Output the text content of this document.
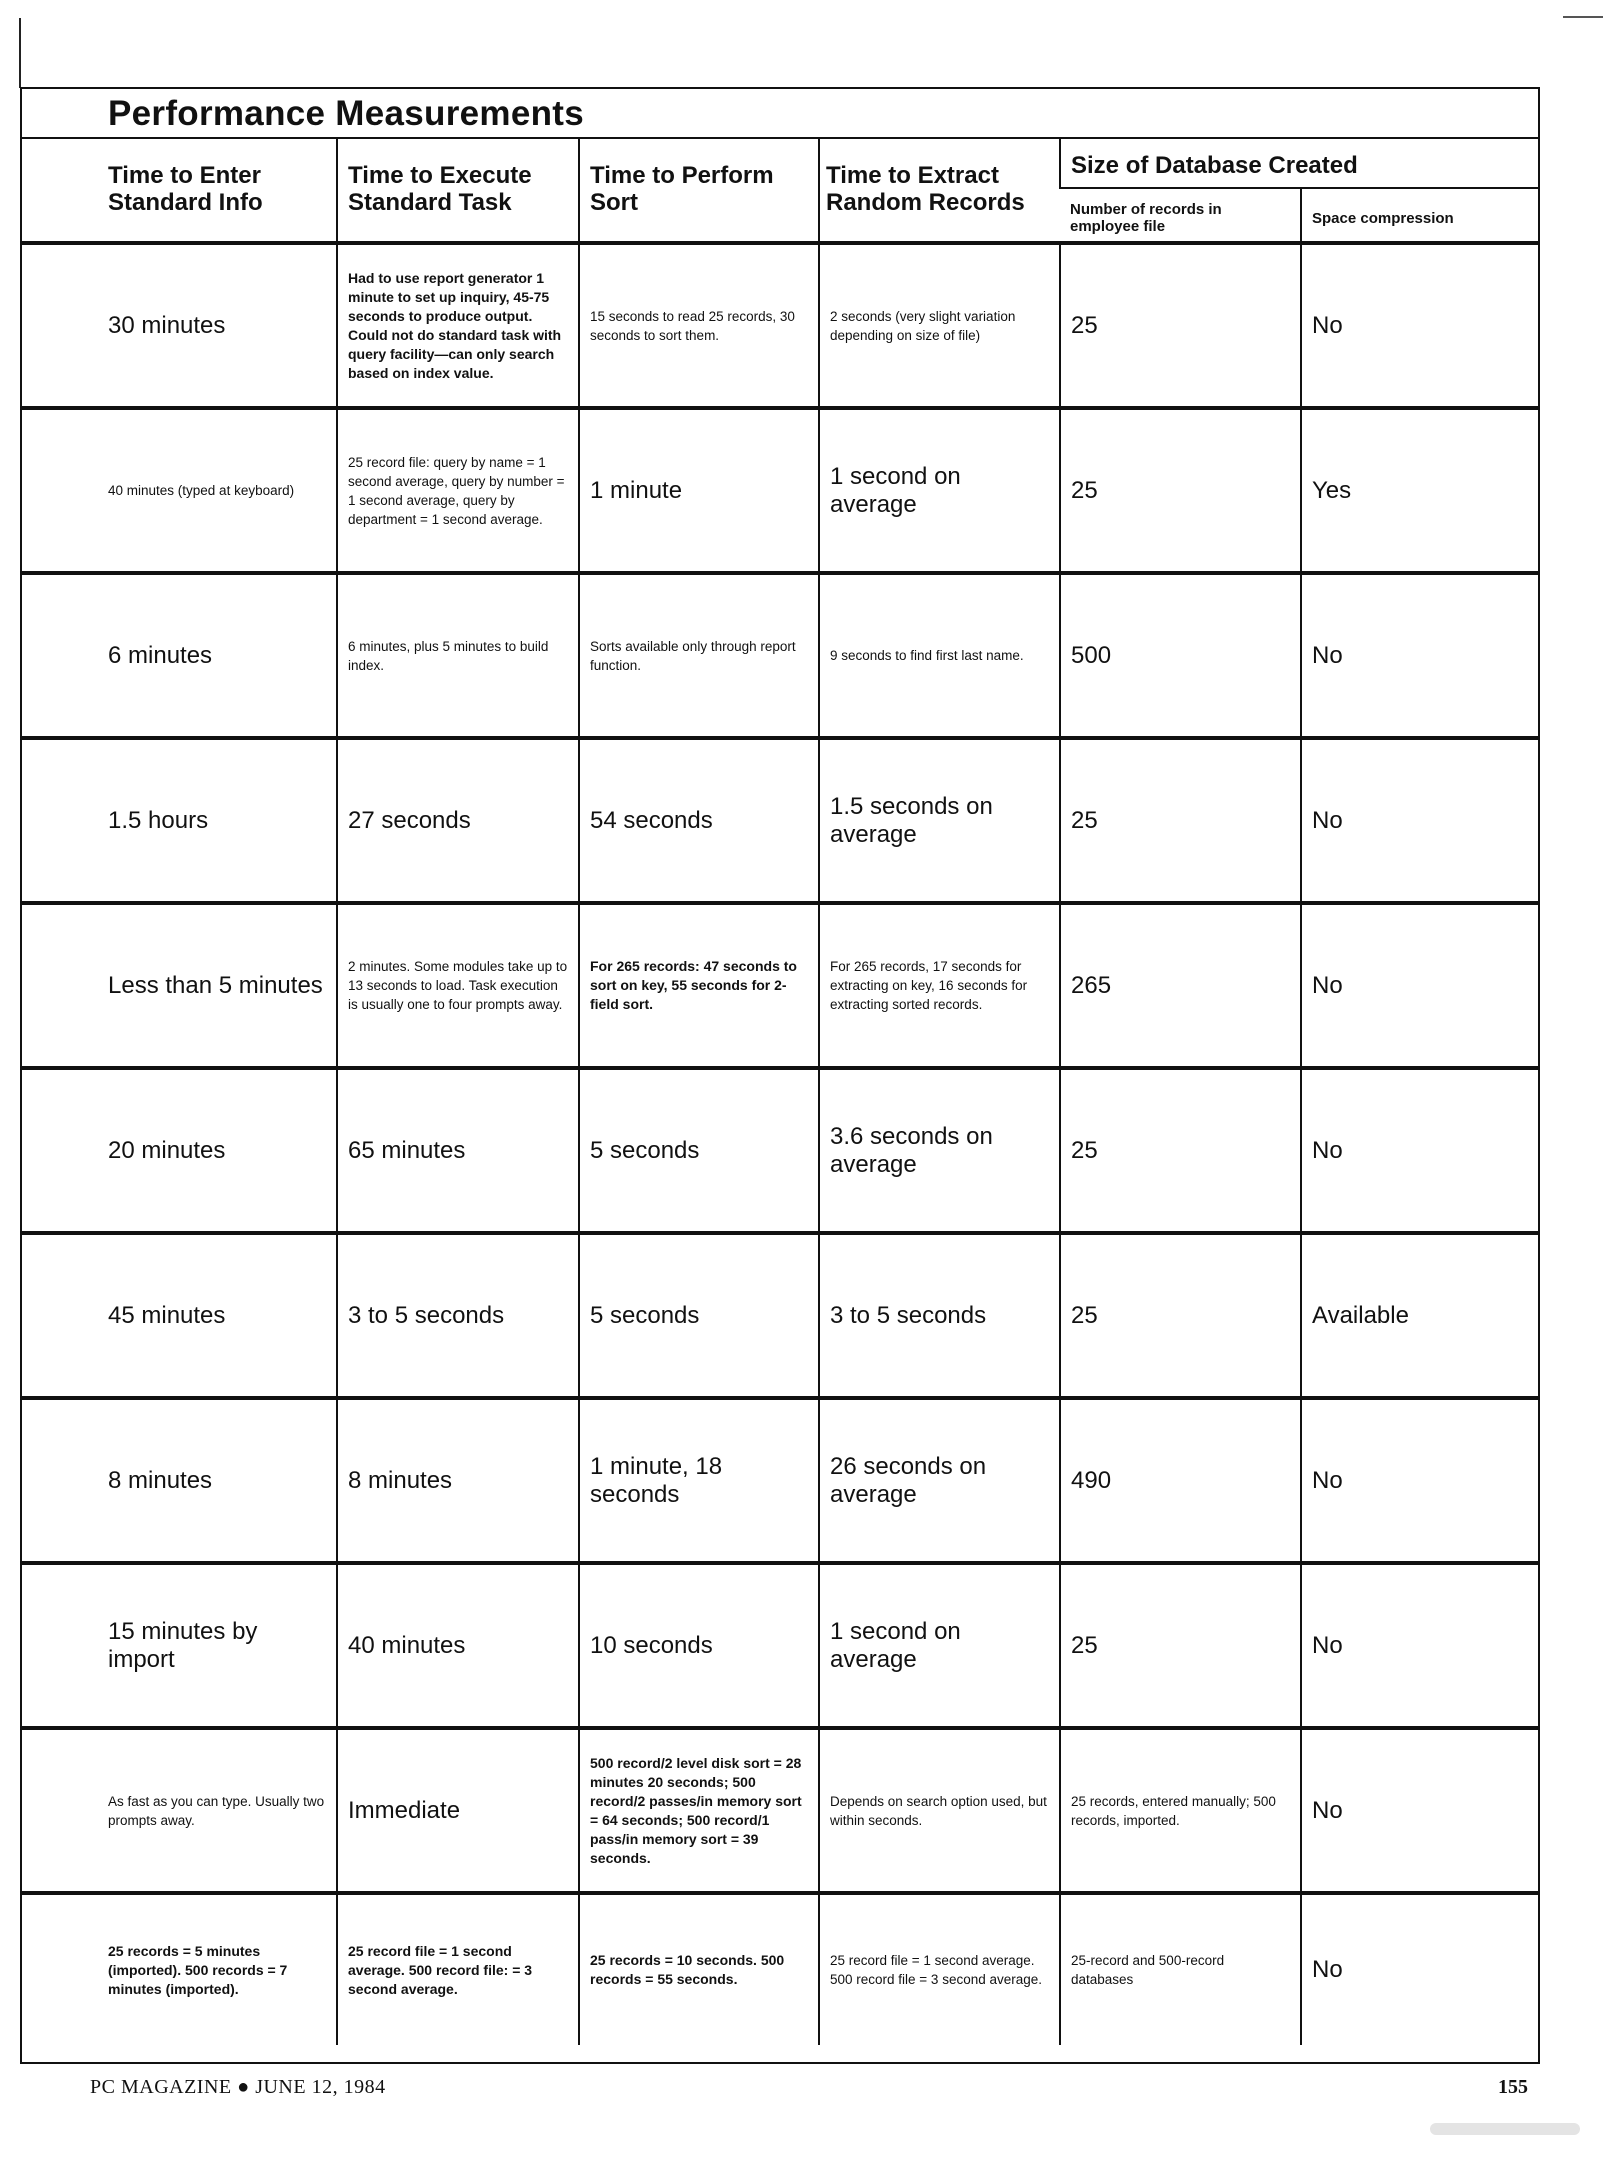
Performance Measurements
Time to Enter Standard Info	Time to Execute Standard Task	Time to Perform Sort	Time to Extract Random Records	Size of Database Created	
				Number of records in employee file	Space compression
30 minutes	Had to use report generator 1 minute to set up inquiry, 45-75 seconds to produce output. Could not do standard task with query facility—can only search based on index value.	15 seconds to read 25 records, 30 seconds to sort them.	2 seconds (very slight variation depending on size of file)	25	No
40 minutes (typed at keyboard)	25 record file: query by name = 1 second average, query by number = 1 second average, query by department = 1 second average.	1 minute	1 second on average	25	Yes
6 minutes	6 minutes, plus 5 minutes to build index.	Sorts available only through report function.	9 seconds to find first last name.	500	No
1.5 hours	27 seconds	54 seconds	1.5 seconds on average	25	No
Less than 5 minutes	2 minutes. Some modules take up to 13 seconds to load. Task execution is usually one to four prompts away.	For 265 records: 47 seconds to sort on key, 55 seconds for 2-field sort.	For 265 records, 17 seconds for extracting on key, 16 seconds for extracting sorted records.	265	No
20 minutes	65 minutes	5 seconds	3.6 seconds on average	25	No
45 minutes	3 to 5 seconds	5 seconds	3 to 5 seconds	25	Available
8 minutes	8 minutes	1 minute, 18 seconds	26 seconds on average	490	No
15 minutes by import	40 minutes	10 seconds	1 second on average	25	No
As fast as you can type. Usually two prompts away.	Immediate	500 record/2 level disk sort = 28 minutes 20 seconds; 500 record/2 passes/in memory sort = 64 seconds; 500 record/1 pass/in memory sort = 39 seconds.	Depends on search option used, but within seconds.	25 records, entered manually; 500 records, imported.	No
25 records = 5 minutes (imported). 500 records = 7 minutes (imported).	25 record file = 1 second average. 500 record file: = 3 second average.	25 records = 10 seconds. 500 records = 55 seconds.	25 record file = 1 second average. 500 record file = 3 second average.	25-record and 500-record databases	No
PC MAGAZINE ● JUNE 12, 1984	155
